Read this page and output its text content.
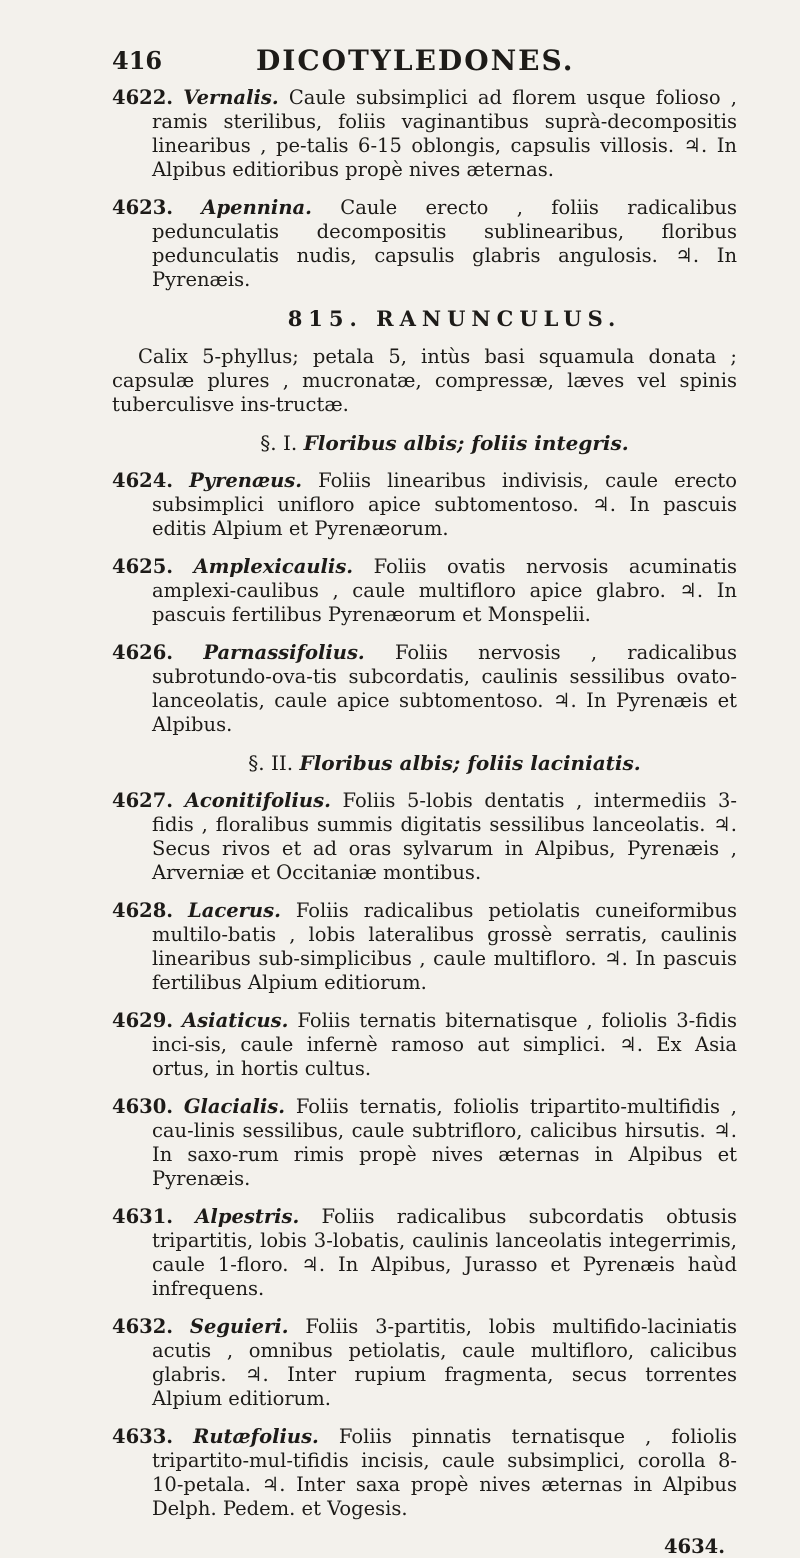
416	DICOTYLEDONES.

4622. Vernalis. Caule subsimplici ad florem usque folioso , ramis sterilibus, foliis vaginantibus suprà-decompositis linearibus , pe-talis 6-15 oblongis, capsulis villosis. ♃. In Alpibus editioribus propè nives æternas.

4623. Apennina. Caule erecto , foliis radicalibus pedunculatis decompositis sublinearibus, floribus pedunculatis nudis, capsulis glabris angulosis. ♃. In Pyrenæis.

815. RANUNCULUS.

Calix 5-phyllus; petala 5, intùs basi squamula donata ; capsulæ plures , mucronatæ, compressæ, læves vel spinis tuberculisve ins-tructæ.

§. I. Floribus albis; foliis integris.

4624. Pyrenæus. Foliis linearibus indivisis, caule erecto subsimplici unifloro apice subtomentoso. ♃. In pascuis editis Alpium et Pyrenæorum.

4625. Amplexicaulis. Foliis ovatis nervosis acuminatis amplexi-caulibus , caule multifloro apice glabro. ♃. In pascuis fertilibus Pyrenæorum et Monspelii.

4626. Parnassifolius. Foliis nervosis , radicalibus subrotundo-ova-tis subcordatis, caulinis sessilibus ovato-lanceolatis, caule apice subtomentoso. ♃. In Pyrenæis et Alpibus.

§. II. Floribus albis; foliis laciniatis.

4627. Aconitifolius. Foliis 5-lobis dentatis , intermediis 3-fidis , floralibus summis digitatis sessilibus lanceolatis. ♃. Secus rivos et ad oras sylvarum in Alpibus, Pyrenæis , Arverniæ et Occitaniæ montibus.

4628. Lacerus. Foliis radicalibus petiolatis cuneiformibus multilo-batis , lobis lateralibus grossè serratis, caulinis linearibus sub-simplicibus , caule multifloro. ♃. In pascuis fertilibus Alpium editiorum.

4629. Asiaticus. Foliis ternatis biternatisque , foliolis 3-fidis inci-sis, caule infernè ramoso aut simplici. ♃. Ex Asia ortus, in hortis cultus.

4630. Glacialis. Foliis ternatis, foliolis tripartito-multifidis , cau-linis sessilibus, caule subtrifloro, calicibus hirsutis. ♃. In saxo-rum rimis propè nives æternas in Alpibus et Pyrenæis.

4631. Alpestris. Foliis radicalibus subcordatis obtusis tripartitis, lobis 3-lobatis, caulinis lanceolatis integerrimis, caule 1-floro. ♃. In Alpibus, Jurasso et Pyrenæis haùd infrequens.

4632. Seguieri. Foliis 3-partitis, lobis multifido-laciniatis acutis , omnibus petiolatis, caule multifloro, calicibus glabris. ♃. Inter rupium fragmenta, secus torrentes Alpium editiorum.

4633. Rutæfolius. Foliis pinnatis ternatisque , foliolis tripartito-mul-tifidis incisis, caule subsimplici, corolla 8-10-petala. ♃. Inter saxa propè nives æternas in Alpibus Delph. Pedem. et Vogesis.

4634.
